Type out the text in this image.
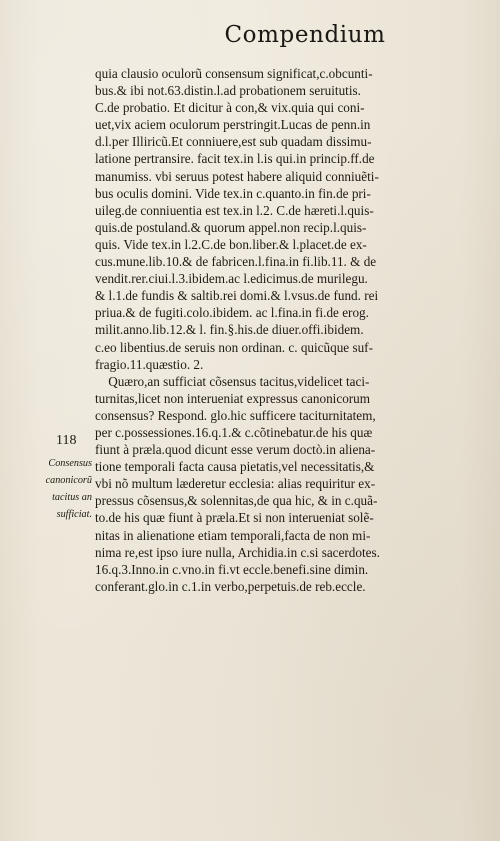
Compendium
quia clausio oculorũ consensum significat,c.obcunti-
bus.& ibi not.63.distin.l.ad probationem seruitutis.
C.de probatio. Et dicitur à con,& vix.quia qui coni-
uet,vix aciem oculorum perstringit.Lucas de penn.in
d.l.per Illiricũ.Et conniuere,est sub quadam dissimu-
latione pertransire. facit tex.in l.is qui.in princip.ff.de
manumiss. vbi seruus potest habere aliquid conniuẽti-
bus oculis domini. Vide tex.in c.quanto.in fin.de pri-
uileg.de conniuentia est tex.in l.2. C.de hæreti.l.quis-
quis.de postuland.& quorum appel.non recip.l.quis-
quis. Vide tex.in l.2.C.de bon.liber.& l.placet.de ex-
cus.mune.lib.10.& de fabricen.l.fina.in fi.lib.11. & de
vendit.rer.ciui.l.3.ibidem.ac l.edicimus.de murilegu.
& l.1.de fundis & saltib.rei domi.& l.vsus.de fund. rei
priua.& de fugiti.colo.ibidem. ac l.fina.in fi.de erog.
milit.anno.lib.12.& l. fin.§.his.de diuer.offi.ibidem.
c.eo libentius.de seruis non ordinan. c. quicũque suf-
fragio.11.quæstio. 2.
Quæro,an sufficiat cõsensus tacitus,videlicet taci-
turnitas,licet non interueniat expressus canonicorum
consensus? Respond. glo.hic sufficere taciturnitatem,
per c.possessiones.16.q.1.& c.cõtinebatur.de his quæ
fiunt à præla.quod dicunt esse verum doctò.in aliena-
tione temporali facta causa pietatis,vel necessitatis,&
vbi nõ multum læderetur ecclesia: alias requiritur ex-
pressus cõsensus,& solennitas,de qua hic, & in c.quã-
to.de his quæ fiunt à præla.Et si non interueniat solẽ-
nitas in alienatione etiam temporali,facta de non mi-
nima re,est ipso iure nulla, Archidia.in c.si sacerdotes.
16.q.3.Inno.in c.vno.in fi.vt eccle.benefi.sine dimin.
conferant.glo.in c.1.in verbo,perpetuis.de reb.eccle.
118
Consensus
canonicorũ
tacitus an
sufficiat.
